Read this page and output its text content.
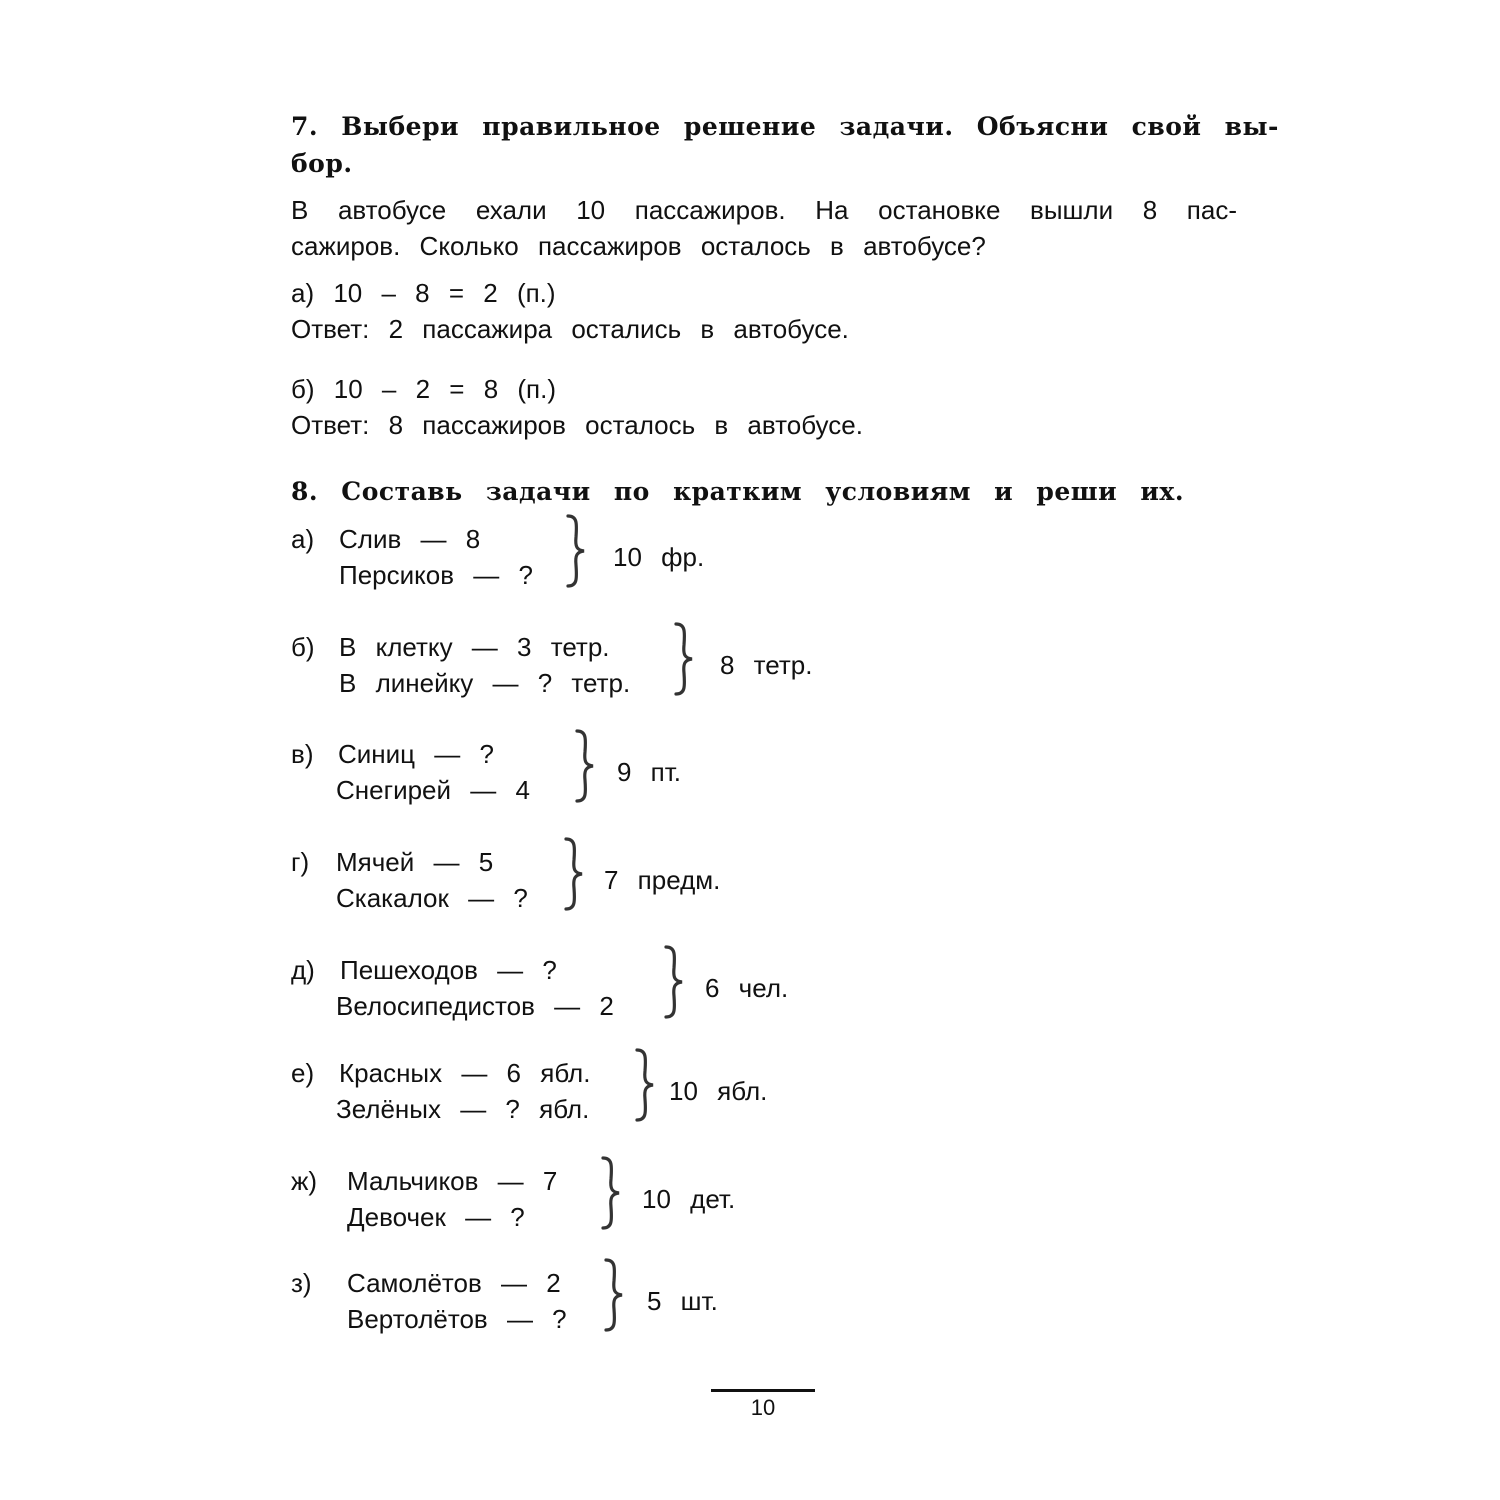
7. Выбери правильное решение задачи. Объясни свой вы-
бор.
В автобусе ехали 10 пассажиров. На остановке вышли 8 пас-
сажиров. Сколько пассажиров осталось в автобусе?
а) 10 – 8 = 2 (п.)
Ответ: 2 пассажира остались в автобусе.
б) 10 – 2 = 8 (п.)
Ответ: 8 пассажиров осталось в автобусе.
8. Составь задачи по кратким условиям и реши их.
а) Слив — 8
Персиков — ?
10 фр.
б) В клетку — 3 тетр.
В линейку — ? тетр.
8 тетр.
в) Синиц — ?
Снегирей — 4
9 пт.
г) Мячей — 5
Скакалок — ?
7 предм.
д) Пешеходов — ?
Велосипедистов — 2
6 чел.
е) Красных — 6 ябл.
Зелёных — ? ябл.
10 ябл.
ж) Мальчиков — 7
Девочек — ?
10 дет.
з) Самолётов — 2
Вертолётов — ?
5 шт.
10
